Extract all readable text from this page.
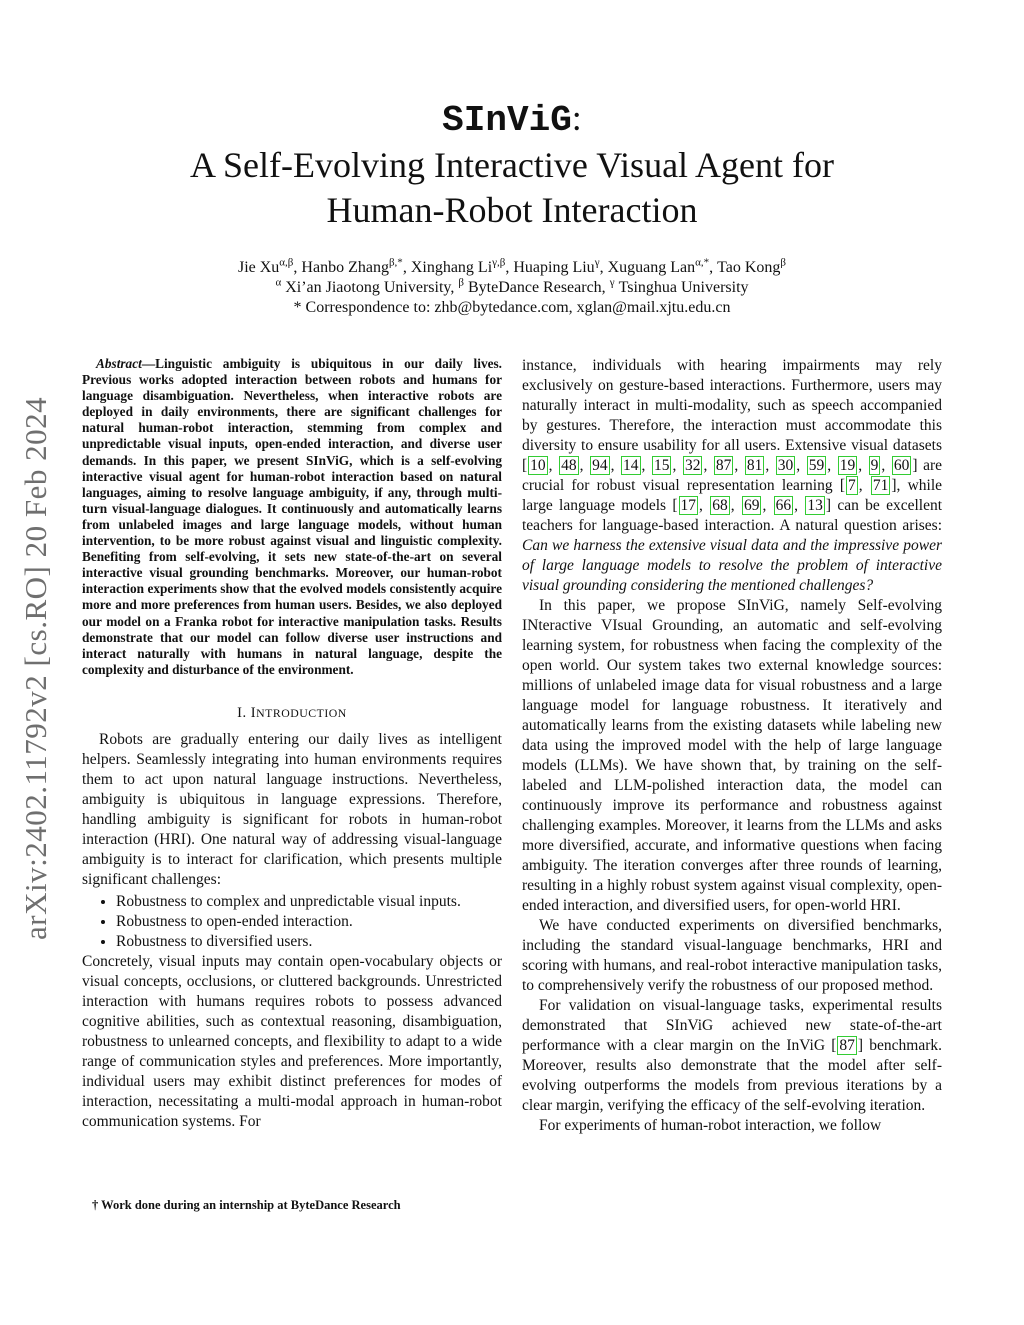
arXiv:2402.11792v2 [cs.RO] 20 Feb 2024
SInViG:
A Self-Evolving Interactive Visual Agent for
Human-Robot Interaction
Jie $Xu^{\alpha,\beta}$, Hanbo Zhang$^{\beta,*}$, Xinghang $Li^{\gamma,\beta}$, Huaping Liu$^\gamma$, Xuguang Lan$^{\alpha,*}$, Tao Kong$^\beta$
$^\alpha$ Xi’an Jiaotong University, $^\beta$ ByteDance Research, $^\gamma$ Tsinghua University
* Correspondence to: zhb@bytedance.com, xglan@mail.xjtu.edu.cn

Abstract—Linguistic ambiguity is ubiquitous in our daily lives. Previous works adopted interaction between robots and humans for language disambiguation. Nevertheless, when interactive robots are deployed in daily environments, there are significant challenges for natural human-robot interaction, stemming from complex and unpredictable visual inputs, open-ended interaction, and diverse user demands. In this paper, we present SInViG, which is a self-evolving interactive visual agent for human-robot interaction based on natural languages, aiming to resolve language ambiguity, if any, through multi-turn visual-language dialogues. It continuously and automatically learns from unlabeled images and large language models, without human intervention, to be more robust against visual and linguistic complexity. Benefiting from self-evolving, it sets new state-of-the-art on several interactive visual grounding benchmarks. Moreover, our human-robot interaction experiments show that the evolved models consistently acquire more and more preferences from human users. Besides, we also deployed our model on a Franka robot for interactive manipulation tasks. Results demonstrate that our model can follow diverse user instructions and interact naturally with humans in natural language, despite the complexity and disturbance of the environment.

I. INTRODUCTION

Robots are gradually entering our daily lives as intelligent helpers. Seamlessly integrating into human environments requires them to act upon natural language instructions. Nevertheless, ambiguity is ubiquitous in language expressions. Therefore, handling ambiguity is significant for robots in human-robot interaction (HRI). One natural way of addressing visual-language ambiguity is to interact for clarification, which presents multiple significant challenges:

• Robustness to complex and unpredictable visual inputs.
• Robustness to open-ended interaction.
• Robustness to diversified users.

Concretely, visual inputs may contain open-vocabulary objects or visual concepts, occlusions, or cluttered backgrounds. Unrestricted interaction with humans requires robots to possess advanced cognitive abilities, such as contextual reasoning, disambiguation, robustness to unlearned concepts, and flexibility to adapt to a wide range of communication styles and preferences. More importantly, individual users may exhibit distinct preferences for modes of interaction, necessitating a multi-modal approach in human-robot communication systems. For

† Work done during an internship at ByteDance Research

instance, individuals with hearing impairments may rely exclusively on gesture-based interactions. Furthermore, users may naturally interact in multi-modality, such as speech accompanied by gestures. Therefore, the interaction must accommodate this diversity to ensure usability for all users. Extensive visual datasets [ 10 , 48 , 94 , 14 , 15 , 32 , 87 , 81 , 30 , 59 , 19 , 9 , 60 ] are crucial for robust visual representation learning [ 7 , 71 ], while large language models [ 17 , 68 , 69 , 66 , 13 ] can be excellent teachers for language-based interaction. A natural question arises: Can we harness the extensive visual data and the impressive power of large language models to resolve the problem of interactive visual grounding considering the mentioned challenges?

In this paper, we propose SInViG, namely Self-evolving INteractive VIsual Grounding, an automatic and self-evolving learning system, for robustness when facing the complexity of the open world. Our system takes two external knowledge sources: millions of unlabeled image data for visual robustness and a large language model for language robustness. It iteratively and automatically learns from the existing datasets while labeling new data using the improved model with the help of large language models (LLMs). We have shown that, by training on the self-labeled and LLM-polished interaction data, the model can continuously improve its performance and robustness against challenging examples. Moreover, it learns from the LLMs and asks more diversified, accurate, and informative questions when facing ambiguity. The iteration converges after three rounds of learning, resulting in a highly robust system against visual complexity, open-ended interaction, and diversified users, for open-world HRI.

We have conducted experiments on diversified benchmarks, including the standard visual-language benchmarks, HRI and scoring with humans, and real-robot interactive manipulation tasks, to comprehensively verify the robustness of our proposed method.

For validation on visual-language tasks, experimental results demonstrated that SInViG achieved new state-of-the-art performance with a clear margin on the InViG [ 87 ] benchmark. Moreover, results also demonstrate that the model after self-evolving outperforms the models from previous iterations by a clear margin, verifying the efficacy of the self-evolving iteration.

For experiments of human-robot interaction, we follow
